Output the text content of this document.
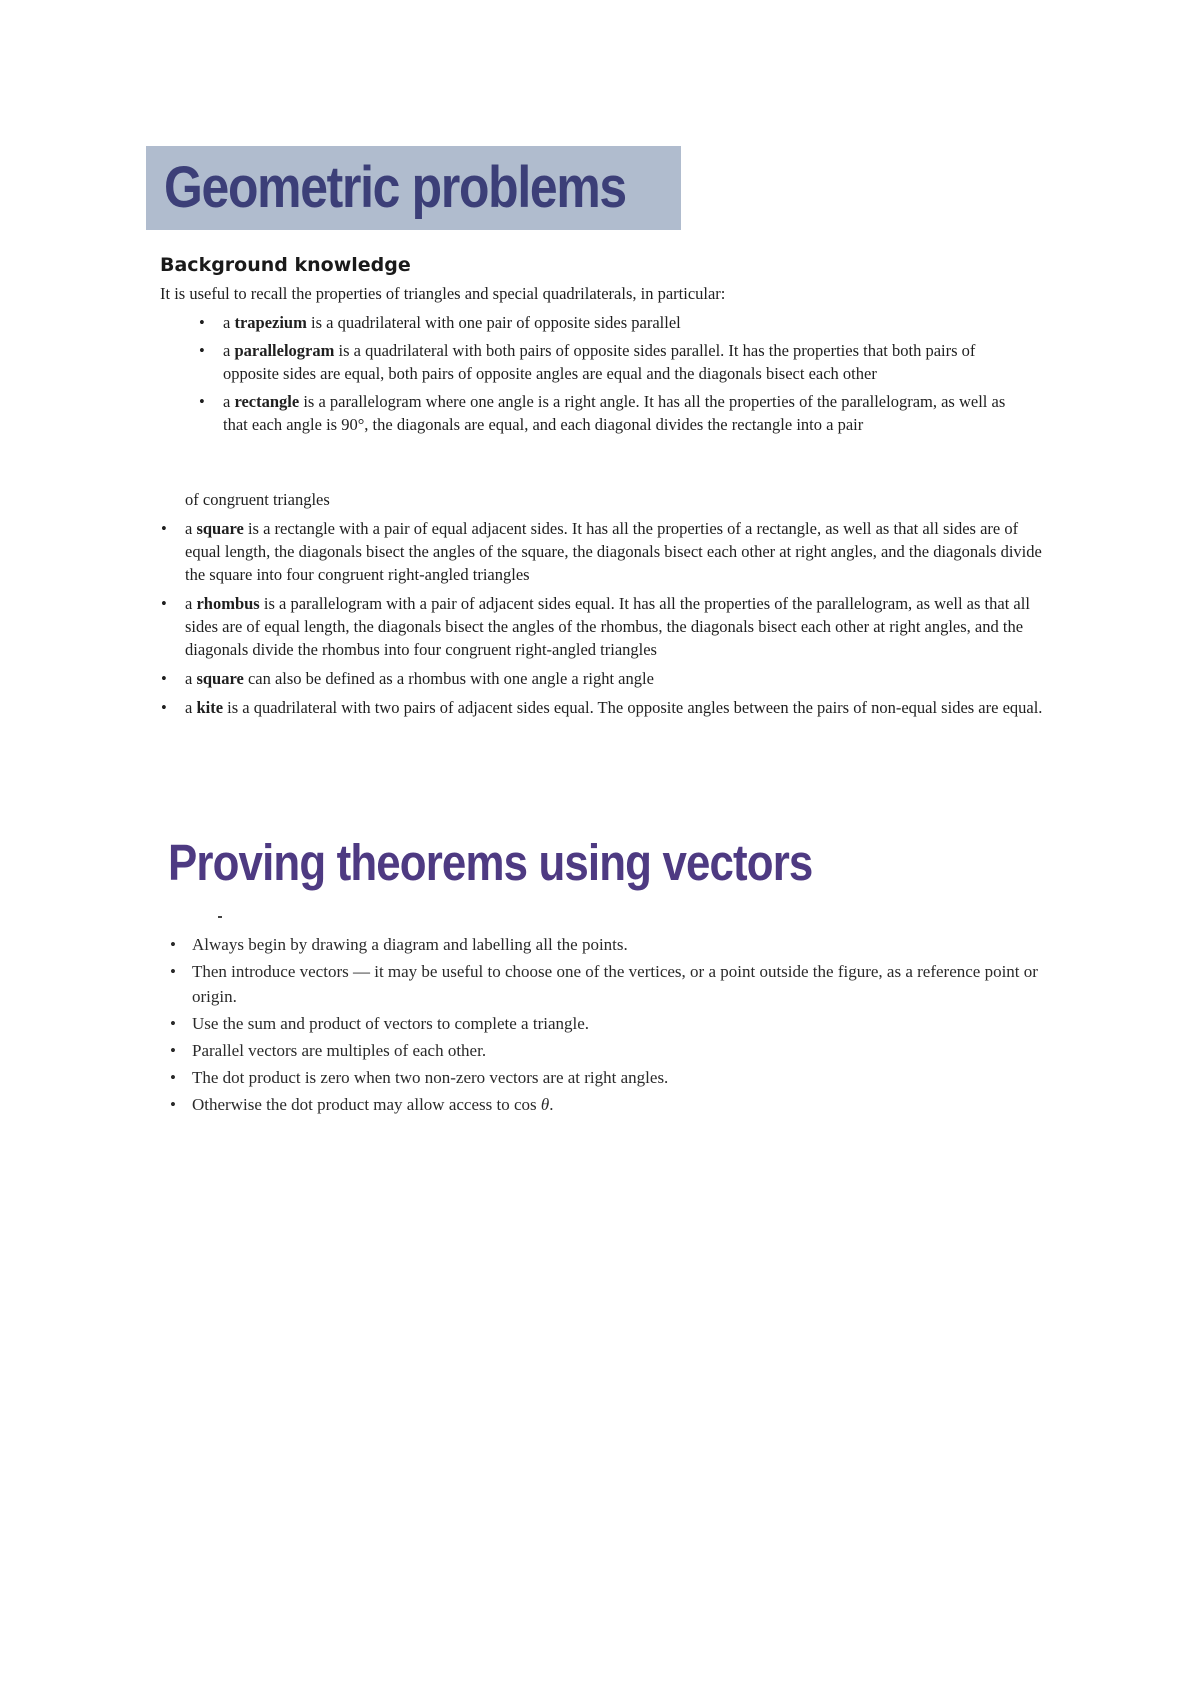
Geometric problems
Background knowledge

It is useful to recall the properties of triangles and special quadrilaterals, in particular:

• a trapezium is a quadrilateral with one pair of opposite sides parallel
• a parallelogram is a quadrilateral with both pairs of opposite sides parallel. It has the properties that both pairs of opposite sides are equal, both pairs of opposite angles are equal and the diagonals bisect each other
• a rectangle is a parallelogram where one angle is a right angle. It has all the properties of the parallelogram, as well as that each angle is 90°, the diagonals are equal, and each diagonal divides the rectangle into a pair

of congruent triangles

• a square is a rectangle with a pair of equal adjacent sides. It has all the properties of a rectangle, as well as that all sides are of equal length, the diagonals bisect the angles of the square, the diagonals bisect each other at right angles, and the diagonals divide the square into four congruent right-angled triangles
• a rhombus is a parallelogram with a pair of adjacent sides equal. It has all the properties of the parallelogram, as well as that all sides are of equal length, the diagonals bisect the angles of the rhombus, the diagonals bisect each other at right angles, and the diagonals divide the rhombus into four congruent right-angled triangles
• a square can also be defined as a rhombus with one angle a right angle
• a kite is a quadrilateral with two pairs of adjacent sides equal. The opposite angles between the pairs of non-equal sides are equal.
Proving theorems using vectors
• Always begin by drawing a diagram and labelling all the points.
• Then introduce vectors — it may be useful to choose one of the vertices, or a point outside the figure, as a reference point or origin.
• Use the sum and product of vectors to complete a triangle.
• Parallel vectors are multiples of each other.
• The dot product is zero when two non-zero vectors are at right angles.
• Otherwise the dot product may allow access to cos θ.
